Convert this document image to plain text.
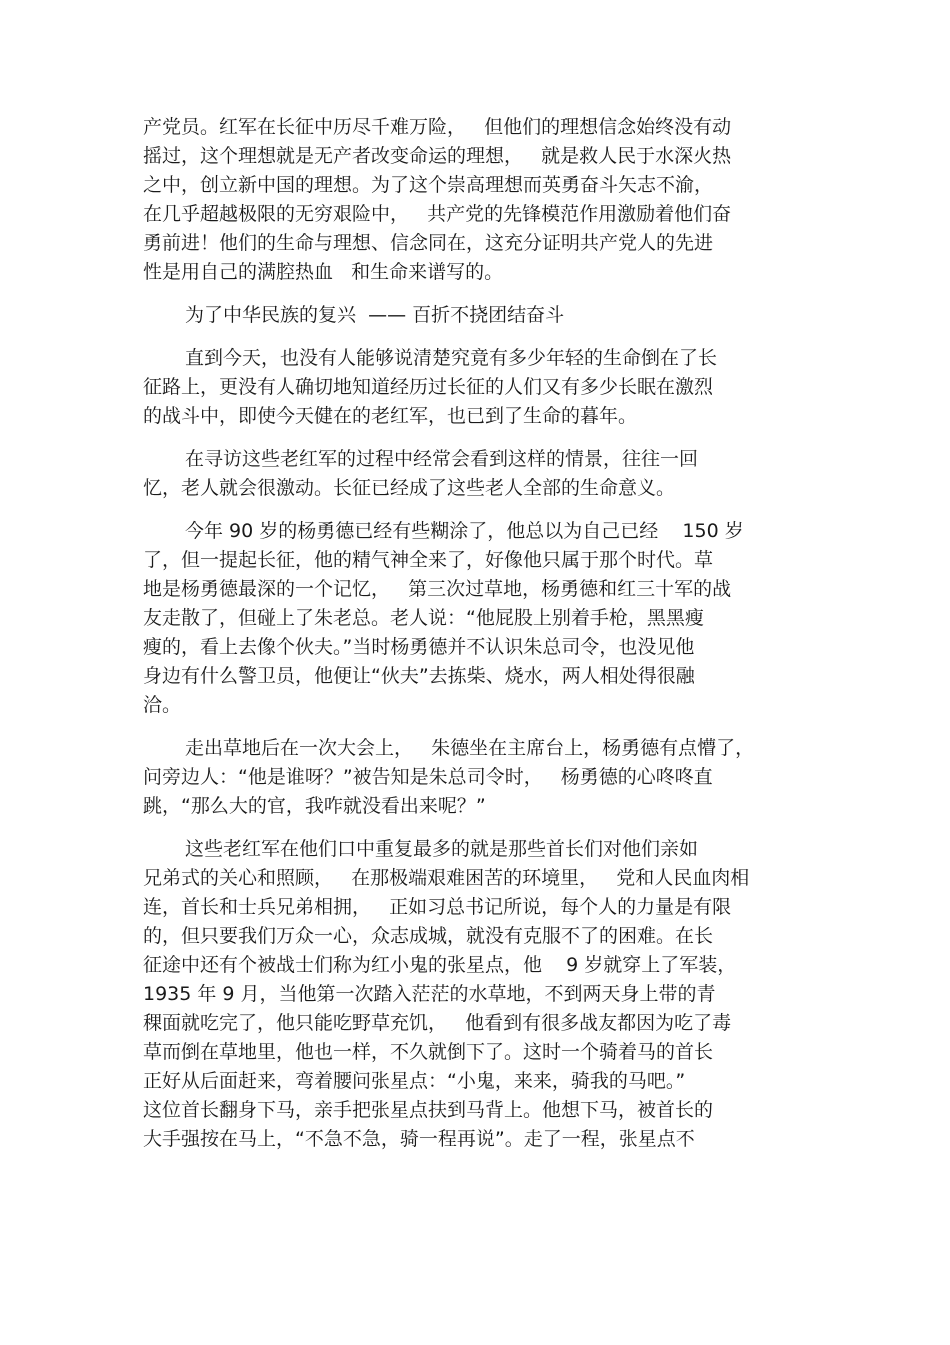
产党员。红军在长征中历尽千难万险，   但他们的理想信念始终没有动
摇过，这个理想就是无产者改变命运的理想，   就是救人民于水深火热
之中，创立新中国的理想。为了这个崇高理想而英勇奋斗矢志不渝，
在几乎超越极限的无穷艰险中，   共产党的先锋模范作用激励着他们奋
勇前进！他们的生命与理想、信念同在，这充分证明共产党人的先进
性是用自己的满腔热血   和生命来谱写的。
为了中华民族的复兴  —— 百折不挠团结奋斗
直到今天，也没有人能够说清楚究竟有多少年轻的生命倒在了长
征路上，更没有人确切地知道经历过长征的人们又有多少长眠在激烈
的战斗中，即使今天健在的老红军，也已到了生命的暮年。
在寻访这些老红军的过程中经常会看到这样的情景，往往一回
忆，老人就会很激动。长征已经成了这些老人全部的生命意义。
今年 90 岁的杨勇德已经有些糊涂了，他总以为自己已经    150 岁
了，但一提起长征，他的精气神全来了，好像他只属于那个时代。草
地是杨勇德最深的一个记忆，   第三次过草地，杨勇德和红三十军的战
友走散了，但碰上了朱老总。老人说：“他屁股上别着手枪，黑黑瘦
瘦的，看上去像个伙夫。”当时杨勇德并不认识朱总司令，也没见他
身边有什么警卫员，他便让“伙夫”去拣柴、烧水，两人相处得很融
洽。
走出草地后在一次大会上，   朱德坐在主席台上，杨勇德有点懵了，
问旁边人：“他是谁呀？”被告知是朱总司令时，   杨勇德的心咚咚直
跳，“那么大的官，我咋就没看出来呢？”
这些老红军在他们口中重复最多的就是那些首长们对他们亲如
兄弟式的关心和照顾，   在那极端艰难困苦的环境里，   党和人民血肉相
连，首长和士兵兄弟相拥，   正如习总书记所说，每个人的力量是有限
的，但只要我们万众一心，众志成城，就没有克服不了的困难。在长
征途中还有个被战士们称为红小鬼的张星点，他    9 岁就穿上了军装，
1935 年 9 月，当他第一次踏入茫茫的水草地，不到两天身上带的青
稞面就吃完了，他只能吃野草充饥，   他看到有很多战友都因为吃了毒
草而倒在草地里，他也一样，不久就倒下了。这时一个骑着马的首长
正好从后面赶来，弯着腰问张星点：“小鬼，来来，骑我的马吧。”
这位首长翻身下马，亲手把张星点扶到马背上。他想下马，被首长的
大手强按在马上，“不急不急，骑一程再说”。走了一程，张星点不
